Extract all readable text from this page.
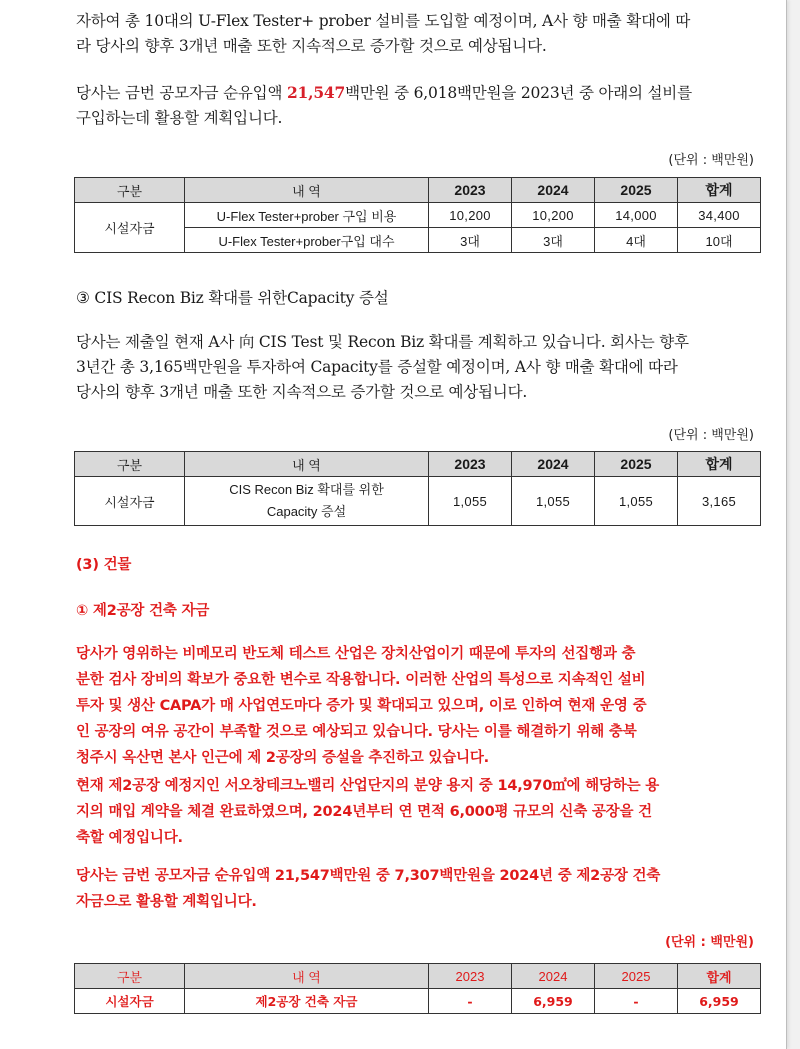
자하여 총 10대의 U-Flex Tester+ prober 설비를 도입할 예정이며, A사 향 매출 확대에 따
라 당사의 향후 3개년 매출 또한 지속적으로 증가할 것으로 예상됩니다.
당사는 금번 공모자금 순유입액 21,547백만원 중 6,018백만원을 2023년 중 아래의 설비를
구입하는데 활용할 계획입니다.
(단위 : 백만원)
구분	내 역	2023	2024	2025	합계
시설자금	U-Flex Tester+prober 구입 비용	10,200	10,200	14,000	34,400
	U-Flex Tester+prober구입 대수	3대	3대	4대	10대
③ CIS Recon Biz 확대를 위한Capacity 증설
당사는 제출일 현재 A사 向 CIS Test 및 Recon Biz 확대를 계획하고 있습니다. 회사는 향후
3년간 총 3,165백만원을 투자하여 Capacity를 증설할 예정이며, A사 향 매출 확대에 따라
당사의 향후 3개년 매출 또한 지속적으로 증가할 것으로 예상됩니다.
(단위 : 백만원)
구분	내 역	2023	2024	2025	합계
시설자금	CIS Recon Biz 확대를 위한
Capacity 증설	1,055	1,055	1,055	3,165
(3) 건물
① 제2공장 건축 자금
당사가 영위하는 비메모리 반도체 테스트 산업은 장치산업이기 때문에 투자의 선집행과 충
분한 검사 장비의 확보가 중요한 변수로 작용합니다. 이러한 산업의 특성으로 지속적인 설비
투자 및 생산 CAPA가 매 사업연도마다 증가 및 확대되고 있으며, 이로 인하여 현재 운영 중
인 공장의 여유 공간이 부족할 것으로 예상되고 있습니다. 당사는 이를 해결하기 위해 충북
청주시 옥산면 본사 인근에 제 2공장의 증설을 추진하고 있습니다.
현재 제2공장 예정지인 서오창테크노밸리 산업단지의 분양 용지 중 14,970㎡에 해당하는 용
지의 매입 계약을 체결 완료하였으며, 2024년부터 연 면적 6,000평 규모의 신축 공장을 건
축할 예정입니다.
당사는 금번 공모자금 순유입액 21,547백만원 중 7,307백만원을 2024년 중 제2공장 건축
자금으로 활용할 계획입니다.
(단위 : 백만원)
구분	내 역	2023	2024	2025	합계
시설자금	제2공장 건축 자금	-	6,959	-	6,959
